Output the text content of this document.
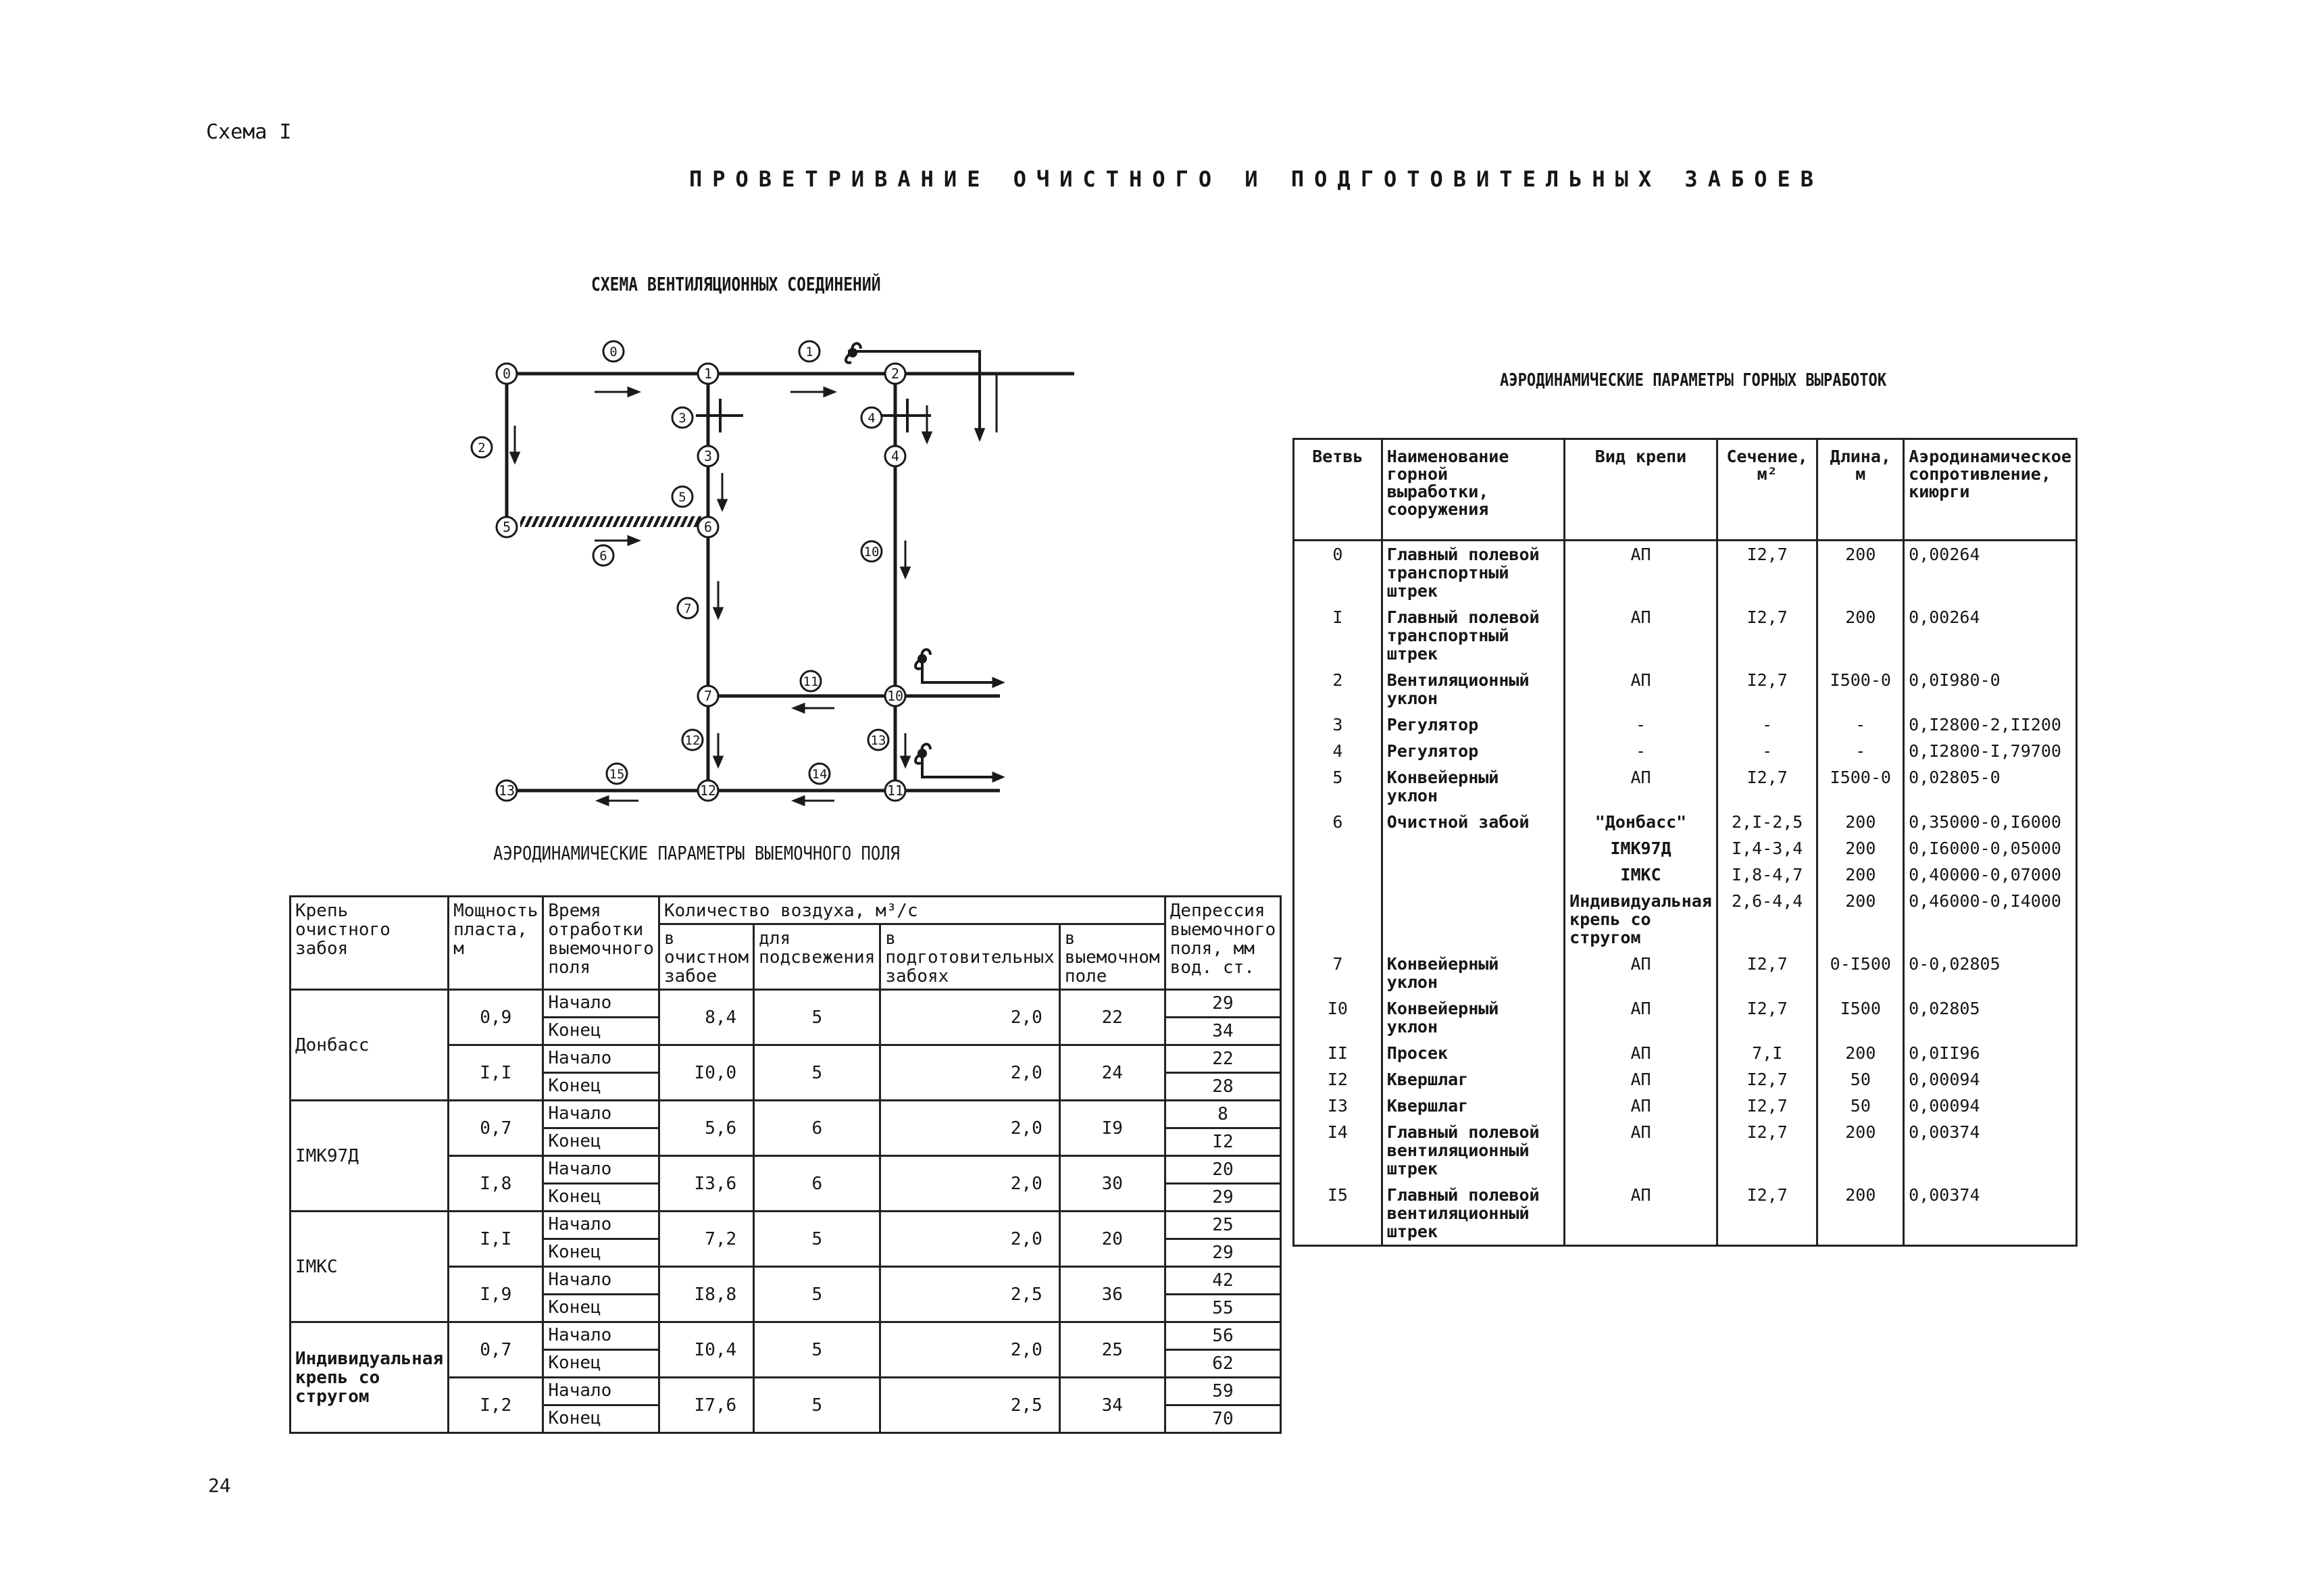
Схема I
ПРОВЕТРИВАНИЕ ОЧИСТНОГО И ПОДГОТОВИТЕЛЬНЫХ ЗАБОЕВ
СХЕМА ВЕНТИЛЯЦИОННЫХ СОЕДИНЕНИЙ
АЭРОДИНАМИЧЕСКИЕ ПАРАМЕТРЫ ВЫЕМОЧНОГО ПОЛЯ
АЭРОДИНАМИЧЕСКИЕ ПАРАМЕТРЫ ГОРНЫХ ВЫРАБОТОК
0	1	2
3	4
5	6
7	10
11
12
13
0	1
2
3	4
5
6
7
10
11
12	13
14
15
Крепь очистного забоя	Мощность пласта, м	Время отработки выемочного поля	Количество воздуха, м³/с				Депрессия выемочного поля, мм вод. ст.
			в очистном забое	для подсвежения	в подготовительных забоях	в выемочном поле	
Донбасс	0,9	Начало	8,4	5	2,0	22	29
		Конец					34
	I,I	Начало	I0,0	5	2,0	24	22
		Конец					28
IМК97Д	0,7	Начало	5,6	6	2,0	I9	8
		Конец					I2
	I,8	Начало	I3,6	6	2,0	30	20
		Конец					29
IМКС	I,I	Начало	7,2	5	2,0	20	25
		Конец					29
	I,9	Начало	I8,8	5	2,5	36	42
		Конец					55
Индивидуальная крепь со стругом	0,7	Начало	I0,4	5	2,0	25	56
		Конец					62
	I,2	Начало	I7,6	5	2,5	34	59
		Конец					70
Ветвь	Наименование горной выработки, сооружения	Вид крепи	Сечение, м²	Длина, м	Аэродинамическое сопротивление, киюрги
0	Главный полевой транспортный штрек	АП	I2,7	200	0,00264
I	Главный полевой транспортный штрек	АП	I2,7	200	0,00264
2	Вентиляционный уклон	АП	I2,7	I500-0	0,0I980-0
3	Регулятор	-	-	-	0,I2800-2,II200
4	Регулятор	-	-	-	0,I2800-I,79700
5	Конвейерный уклон	АП	I2,7	I500-0	0,02805-0
6	Очистной забой	"Донбасс"	2,I-2,5	200	0,35000-0,I6000
		IМК97Д	I,4-3,4	200	0,I6000-0,05000
		IМКС	I,8-4,7	200	0,40000-0,07000
		Индивидуальная крепь со стругом	2,6-4,4	200	0,46000-0,I4000
7	Конвейерный уклон	АП	I2,7	0-I500	0-0,02805
I0	Конвейерный уклон	АП	I2,7	I500	0,02805
II	Просек	АП	7,I	200	0,0II96
I2	Квершлаг	АП	I2,7	50	0,00094
I3	Квершлаг	АП	I2,7	50	0,00094
I4	Главный полевой вентиляционный штрек	АП	I2,7	200	0,00374
I5	Главный полевой вентиляционный штрек	АП	I2,7	200	0,00374
24
